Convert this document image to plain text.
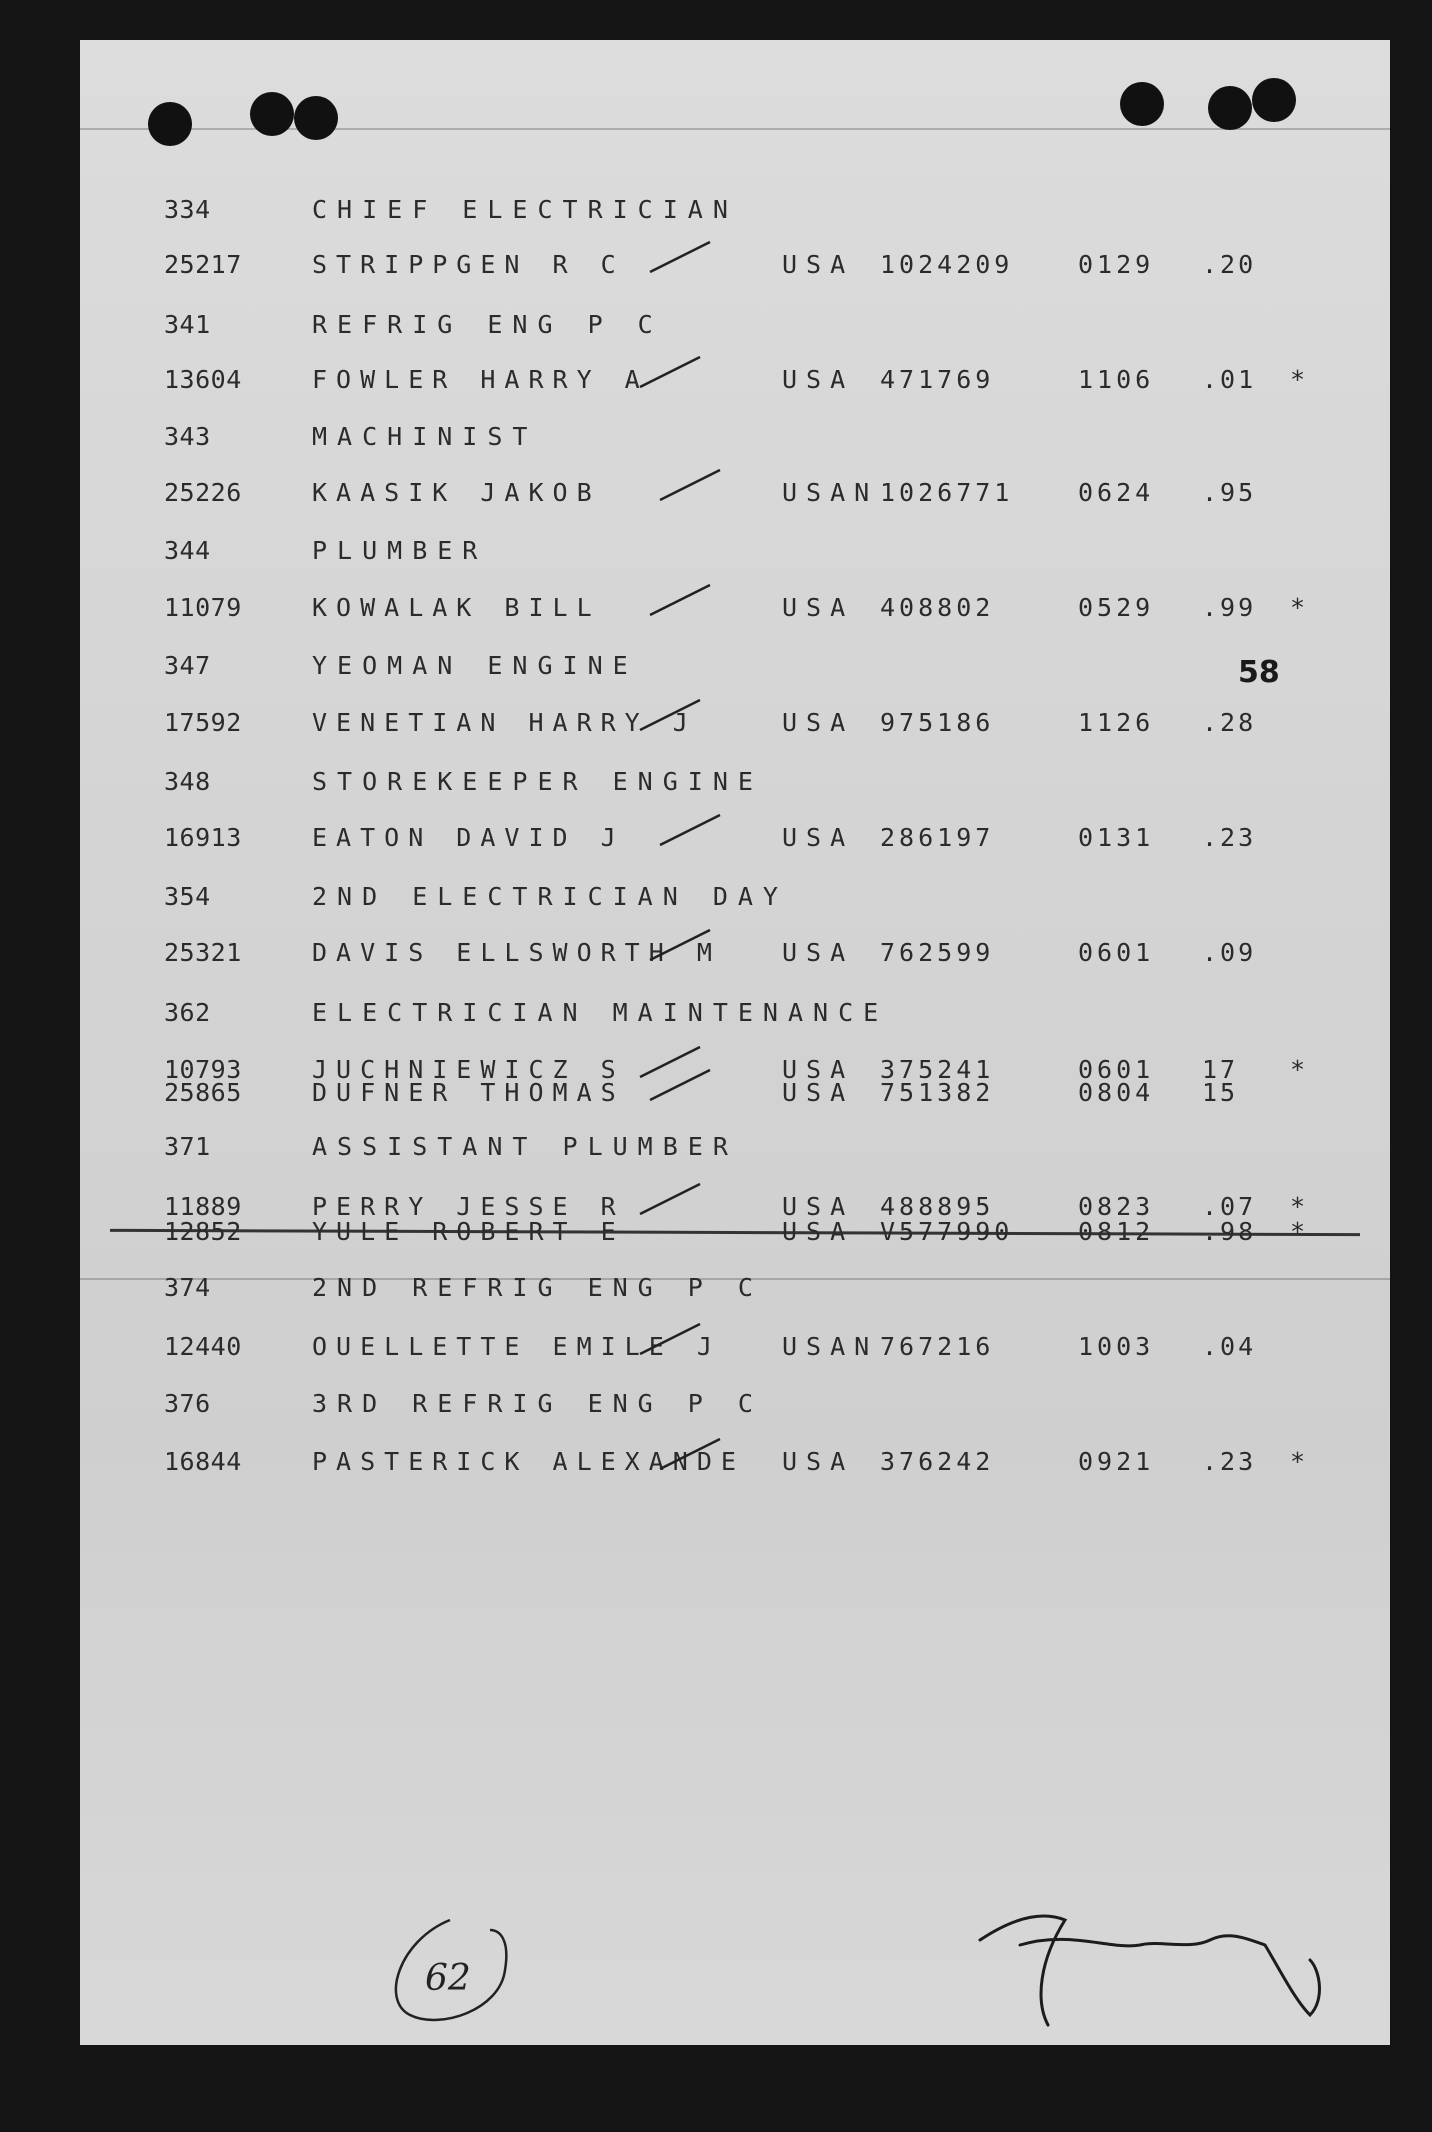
58
334	CHIEF ELECTRICIAN
25217	STRIPPGEN R C	USA 1024209	0129 .20
341	REFRIG ENG P C
13604	FOWLER HARRY A	USA 471769	1106 .01 *
343	MACHINIST
25226	KAASIK JAKOB	USAN 1026771	0624 .95
344	PLUMBER
11079	KOWALAK BILL	USA 408802	0529 .99 *
347	YEOMAN ENGINE
17592	VENETIAN HARRY J	USA 975186	1126 .28
348	STOREKEEPER ENGINE
16913	EATON DAVID J	USA 286197	0131 .23
354	2ND ELECTRICIAN DAY
25321	DAVIS ELLSWORTH M USA 762599	0601 .09
362	ELECTRICIAN MAINTENANCE
10793	JUCHNIEWICZ S	USA 375241	0601 17 *
25865	DUFNER THOMAS	USA 751382	0804 15
371	ASSISTANT PLUMBER
11889	PERRY JESSE R	USA 488895	0823 .07 *
12852	YULE ROBERT E	USA V577990	0812 .98 *
374	2ND REFRIG ENG P C
12440	OUELLETTE EMILE J USAN 767216	1003 .04
376	3RD REFRIG ENG P C
16844	PASTERICK ALEXANDE USA 376242	0921 .23 *
62
